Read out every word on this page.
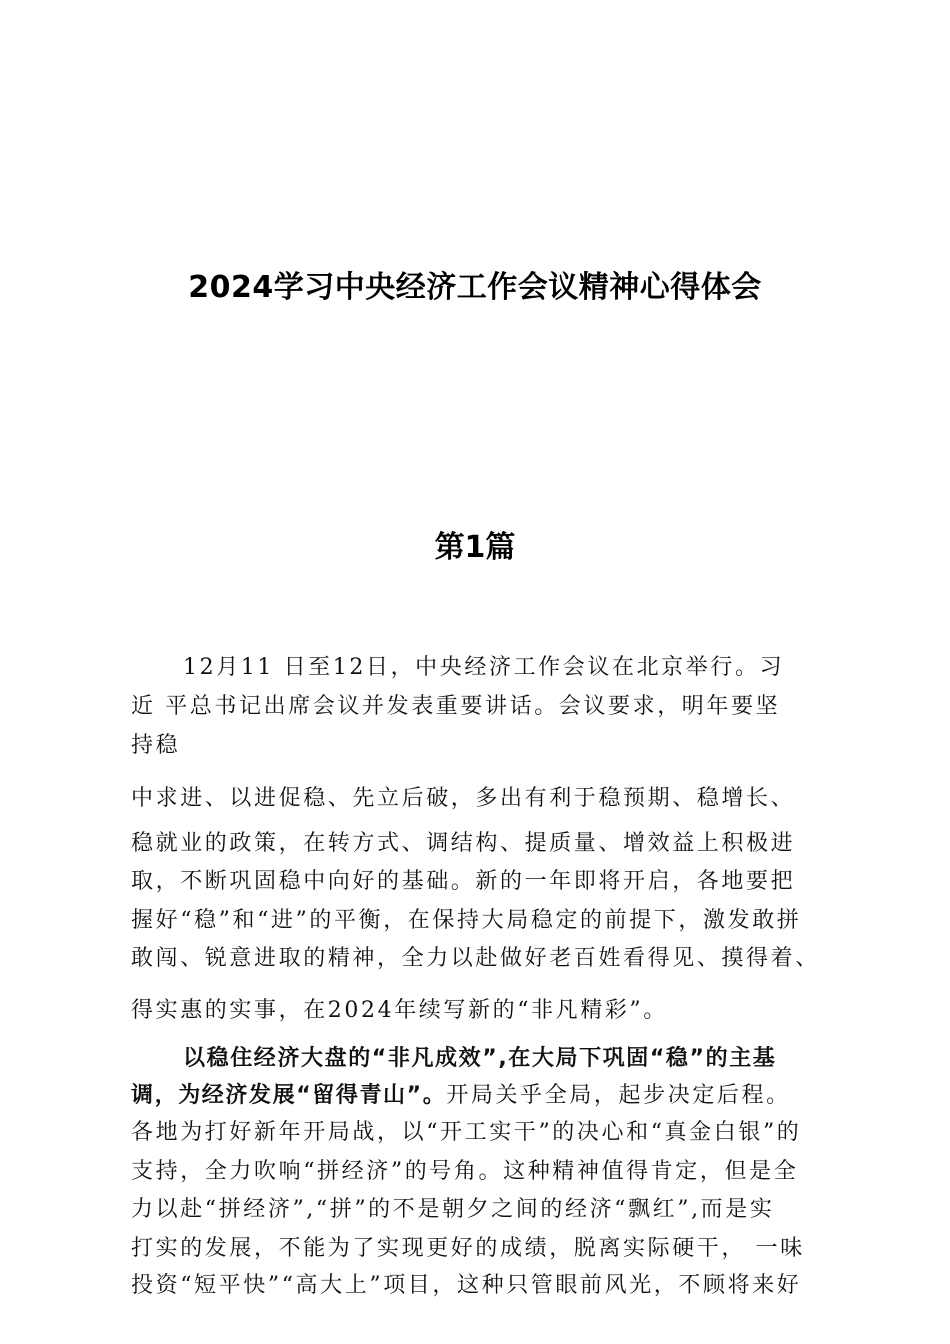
2024学习中央经济工作会议精神心得体会
第1篇

12月11 日至12日，中央经济工作会议在北京举行。习

近 平总书记出席会议并发表重要讲话。会议要求，明年要坚

持稳

中求进、以进促稳、先立后破，多出有利于稳预期、稳增长、

稳就业的政策，在转方式、调结构、提质量、增效益上积极进

取，不断巩固稳中向好的基础。新的一年即将开启，各地要把

握好“稳”和“进”的平衡，在保持大局稳定的前提下，激发敢拼

敢闯、锐意进取的精神，全力以赴做好老百姓看得见、摸得着、

得实惠的实事，在2024年续写新的“非凡精彩”。

以稳住经济大盘的“非凡成效”,在大局下巩固“稳”的主基

调，为经济发展“留得青山”。开局关乎全局，起步决定后程。

各地为打好新年开局战，以“开工实干”的决心和“真金白银”的

支持，全力吹响“拼经济”的号角。这种精神值得肯定，但是全

力以赴“拼经济”,“拼”的不是朝夕之间的经济“飘红”,而是实

打实的发展，不能为了实现更好的成绩，脱离实际硬干， 一味

投资“短平快”“高大上”项目，这种只管眼前风光，不顾将来好
